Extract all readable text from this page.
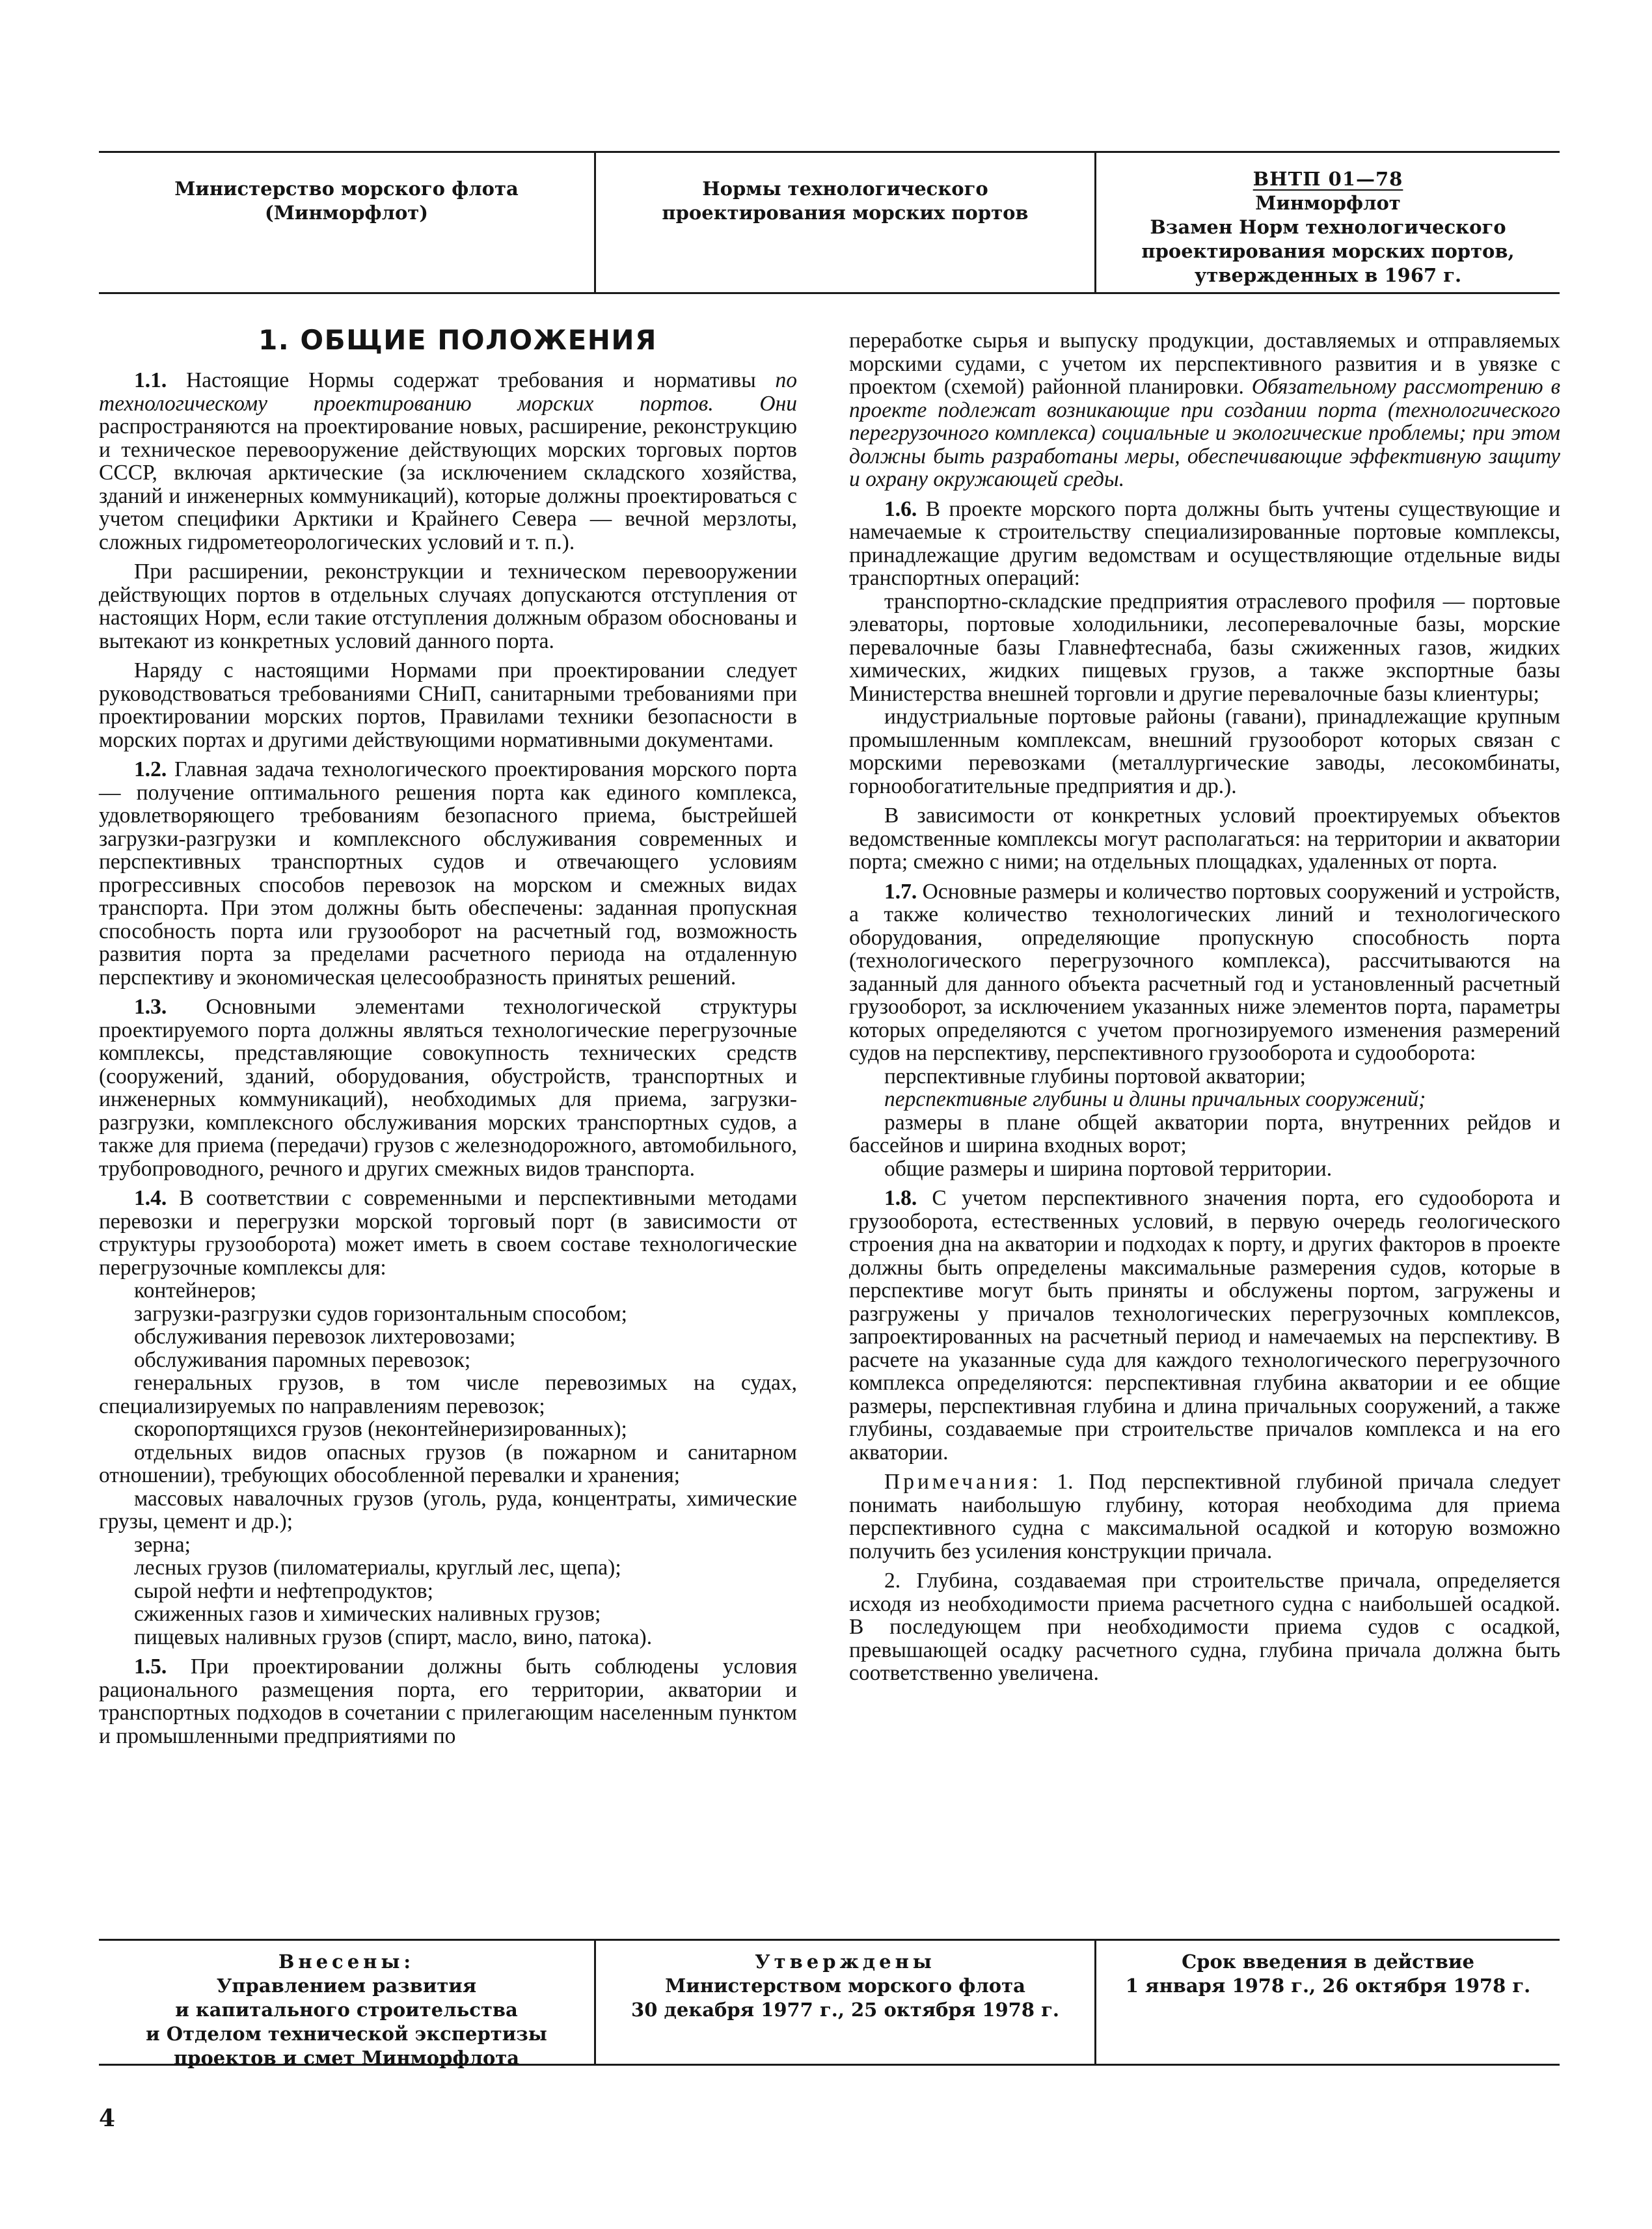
Министерство морского флота
(Минморфлот)
Нормы технологического
проектирования морских портов
ВНТП 01—78
Минморфлот
Взамен Норм технологического
проектирования морских портов,
утвержденных в 1967 г.
1. ОБЩИЕ ПОЛОЖЕНИЯ

1.1. Настоящие Нормы содержат требования и нормативы по технологическому проектированию морских портов. Они распространяются на проектирование новых, расширение, реконструкцию и техническое перевооружение действующих морских торговых портов СССР, включая арктические (за исключением складского хозяйства, зданий и инженерных коммуникаций), которые должны проектироваться с учетом специфики Арктики и Крайнего Севера — вечной мерзлоты, сложных гидрометеорологических условий и т. п.).

При расширении, реконструкции и техническом перевооружении действующих портов в отдельных случаях допускаются отступления от настоящих Норм, если такие отступления должным образом обоснованы и вытекают из конкретных условий данного порта.

Наряду с настоящими Нормами при проектировании следует руководствоваться требованиями СНиП, санитарными требованиями при проектировании морских портов, Правилами техники безопасности в морских портах и другими действующими нормативными документами.

1.2. Главная задача технологического проектирования морского порта — получение оптимального решения порта как единого комплекса, удовлетворяющего требованиям безопасного приема, быстрейшей загрузки-разгрузки и комплексного обслуживания современных и перспективных транспортных судов и отвечающего условиям прогрессивных способов перевозок на морском и смежных видах транспорта. При этом должны быть обеспечены: заданная пропускная способность порта или грузооборот на расчетный год, возможность развития порта за пределами расчетного периода на отдаленную перспективу и экономическая целесообразность принятых решений.

1.3. Основными элементами технологической структуры проектируемого порта должны являться технологические перегрузочные комплексы, представляющие совокупность технических средств (сооружений, зданий, оборудования, обустройств, транспортных и инженерных коммуникаций), необходимых для приема, загрузки-разгрузки, комплексного обслуживания морских транспортных судов, а также для приема (передачи) грузов с железнодорожного, автомобильного, трубопроводного, речного и других смежных видов транспорта.

1.4. В соответствии с современными и перспективными методами перевозки и перегрузки морской торговый порт (в зависимости от структуры грузооборота) может иметь в своем составе технологические перегрузочные комплексы для:

контейнеров;

загрузки-разгрузки судов горизонтальным способом;

обслуживания перевозок лихтеровозами;

обслуживания паромных перевозок;

генеральных грузов, в том числе перевозимых на судах, специализируемых по направлениям перевозок;

скоропортящихся грузов (неконтейнеризированных);

отдельных видов опасных грузов (в пожарном и санитарном отношении), требующих обособленной перевалки и хранения;

массовых навалочных грузов (уголь, руда, концентраты, химические грузы, цемент и др.);

зерна;

лесных грузов (пиломатериалы, круглый лес, щепа);

сырой нефти и нефтепродуктов;

сжиженных газов и химических наливных грузов;

пищевых наливных грузов (спирт, масло, вино, патока).

1.5. При проектировании должны быть соблюдены условия рационального размещения порта, его территории, акватории и транспортных подходов в сочетании с прилегающим населенным пунктом и промышленными предприятиями по

переработке сырья и выпуску продукции, доставляемых и отправляемых морскими судами, с учетом их перспективного развития и в увязке с проектом (схемой) районной планировки. Обязательному рассмотрению в проекте подлежат возникающие при создании порта (технологического перегрузочного комплекса) социальные и экологические проблемы; при этом должны быть разработаны меры, обеспечивающие эффективную защиту и охрану окружающей среды.

1.6. В проекте морского порта должны быть учтены существующие и намечаемые к строительству специализированные портовые комплексы, принадлежащие другим ведомствам и осуществляющие отдельные виды транспортных операций:

транспортно-складские предприятия отраслевого профиля — портовые элеваторы, портовые холодильники, лесоперевалочные базы, морские перевалочные базы Главнефтеснаба, базы сжиженных газов, жидких химических, жидких пищевых грузов, а также экспортные базы Министерства внешней торговли и другие перевалочные базы клиентуры;

индустриальные портовые районы (гавани), принадлежащие крупным промышленным комплексам, внешний грузооборот которых связан с морскими перевозками (металлургические заводы, лесокомбинаты, горнообогатительные предприятия и др.).

В зависимости от конкретных условий проектируемых объектов ведомственные комплексы могут располагаться: на территории и акватории порта; смежно с ними; на отдельных площадках, удаленных от порта.

1.7. Основные размеры и количество портовых сооружений и устройств, а также количество технологических линий и технологического оборудования, определяющие пропускную способность порта (технологического перегрузочного комплекса), рассчитываются на заданный для данного объекта расчетный год и установленный расчетный грузооборот, за исключением указанных ниже элементов порта, параметры которых определяются с учетом прогнозируемого изменения размерений судов на перспективу, перспективного грузооборота и судооборота:

перспективные глубины портовой акватории;

перспективные глубины и длины причальных сооружений;

размеры в плане общей акватории порта, внутренних рейдов и бассейнов и ширина входных ворот;

общие размеры и ширина портовой территории.

1.8. С учетом перспективного значения порта, его судооборота и грузооборота, естественных условий, в первую очередь геологического строения дна на акватории и подходах к порту, и других факторов в проекте должны быть определены максимальные размерения судов, которые в перспективе могут быть приняты и обслужены портом, загружены и разгружены у причалов технологических перегрузочных комплексов, запроектированных на расчетный период и намечаемых на перспективу. В расчете на указанные суда для каждого технологического перегрузочного комплекса определяются: перспективная глубина акватории и ее общие размеры, перспективная глубина и длина причальных сооружений, а также глубины, создаваемые при строительстве причалов комплекса и на его акватории.

Примечания: 1. Под перспективной глубиной причала следует понимать наибольшую глубину, которая необходима для приема перспективного судна с максимальной осадкой и которую возможно получить без усиления конструкции причала.

2. Глубина, создаваемая при строительстве причала, определяется исходя из необходимости приема расчетного судна с наибольшей осадкой. В последующем при необходимости приема судов с осадкой, превышающей осадку расчетного судна, глубина причала должна быть соответственно увеличена.

Внесены:
Управлением развития
и капитального строительства
и Отделом технической экспертизы
проектов и смет Минморфлота
Утверждены
Министерством морского флота
30 декабря 1977 г., 25 октября 1978 г.
Срок введения в действие
1 января 1978 г., 26 октября 1978 г.
4
